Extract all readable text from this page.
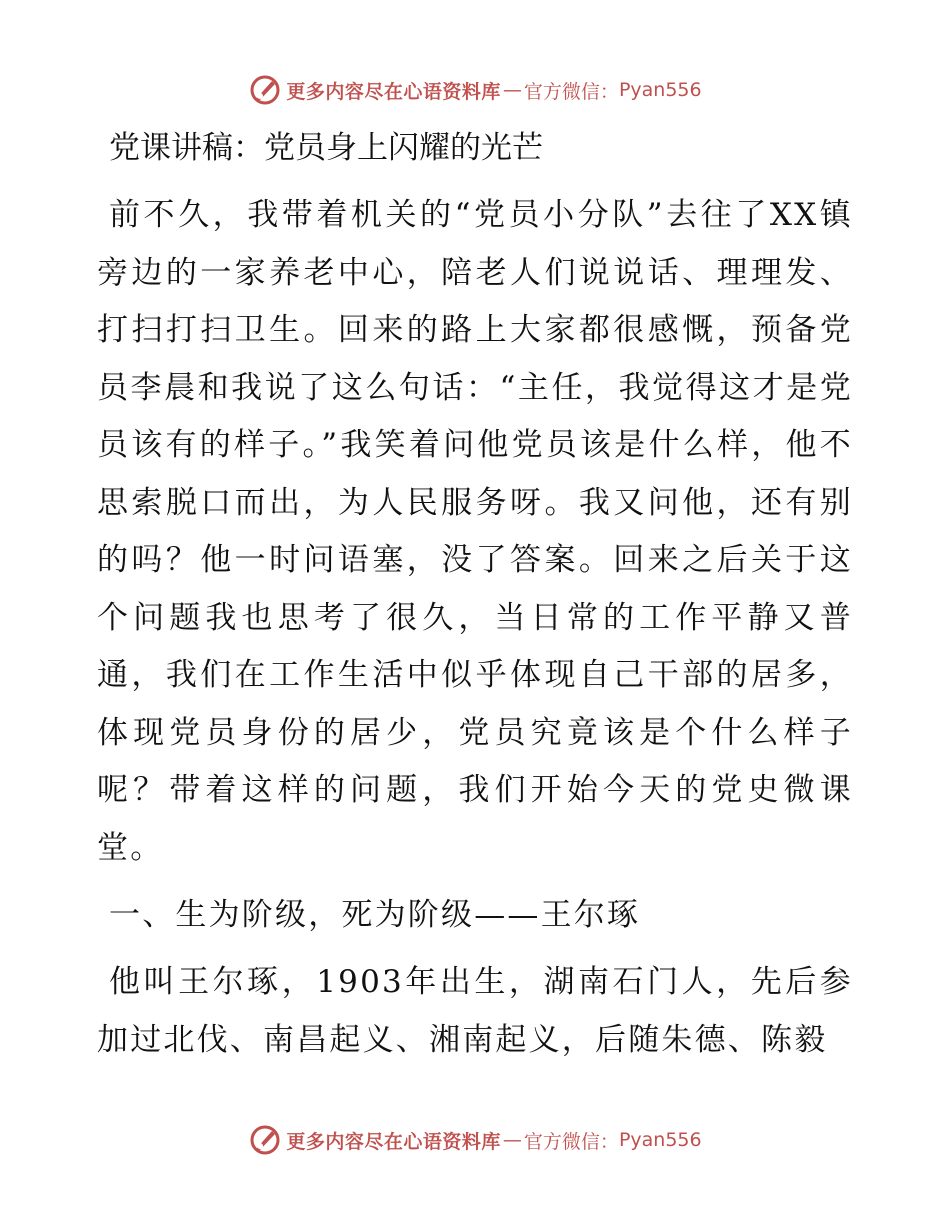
更多内容尽在心语资料库 — 官方微信： Pyan556
党课讲稿：党员身上闪耀的光芒

前不久，我带着机关的“党员小分队”去往了XX镇旁边的一家养老中心，陪老人们说说话、理理发、打扫打扫卫生。回来的路上大家都很感慨，预备党员李晨和我说了这么句话：“主任，我觉得这才是党员该有的样子。”我笑着问他党员该是什么样，他不思索脱口而出，为人民服务呀。我又问他，还有别的吗？他一时问语塞，没了答案。回来之后关于这个问题我也思考了很久，当日常的工作平静又普通，我们在工作生活中似乎体现自己干部的居多，体现党员身份的居少，党员究竟该是个什么样子呢？带着这样的问题，我们开始今天的党史微课堂。

一、生为阶级，死为阶级——王尔琢

他叫王尔琢，1903年出生，湖南石门人，先后参加过北伐、南昌起义、湘南起义，后随朱德、陈毅

更多内容尽在心语资料库 — 官方微信： Pyan556
